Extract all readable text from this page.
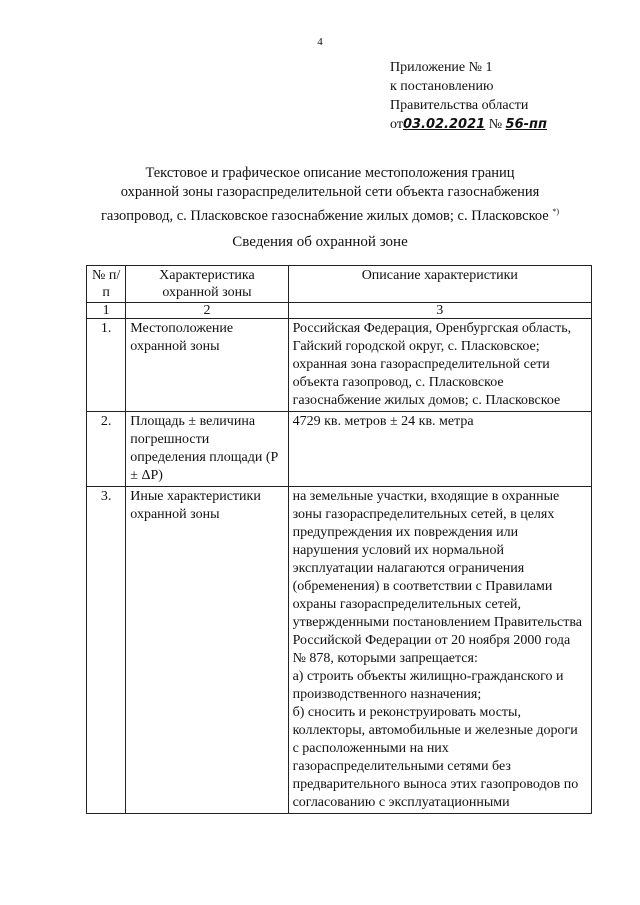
4
Приложение № 1
к постановлению
Правительства области
от03.02.2021 № 56-пп
Текстовое и графическое описание местоположения границ
охранной зоны газораспределительной сети объекта газоснабжения
газопровод, с. Пласковское газоснабжение жилых домов; с. Пласковское *)
Сведения об охранной зоне
№ п/п	Характеристика охранной зоны	Описание характеристики
1	2	3
1.	Местоположение охранной зоны	Российская Федерация, Оренбургская область, Гайский городской округ, с. Пласковское; охранная зона газораспределительной сети объекта газопровод, с. Пласковское газоснабжение жилых домов; с. Пласковское
2.	Площадь ± величина погрешности определения площади (P ± ΔP)	4729 кв. метров ± 24 кв. метра
3.	Иные характеристики охранной зоны	на земельные участки, входящие в охранные зоны газораспределительных сетей, в целях предупреждения их повреждения или нарушения условий их нормальной эксплуатации налагаются ограничения (обременения) в соответствии с Правилами охраны газораспределительных сетей, утвержденными постановлением Правительства Российской Федерации от 20 ноября 2000 года № 878, которыми запрещается:
а) строить объекты жилищно-гражданского и производственного назначения;
б) сносить и реконструировать мосты, коллекторы, автомобильные и железные дороги с расположенными на них газораспределительными сетями без предварительного выноса этих газопроводов по согласованию с эксплуатационными
